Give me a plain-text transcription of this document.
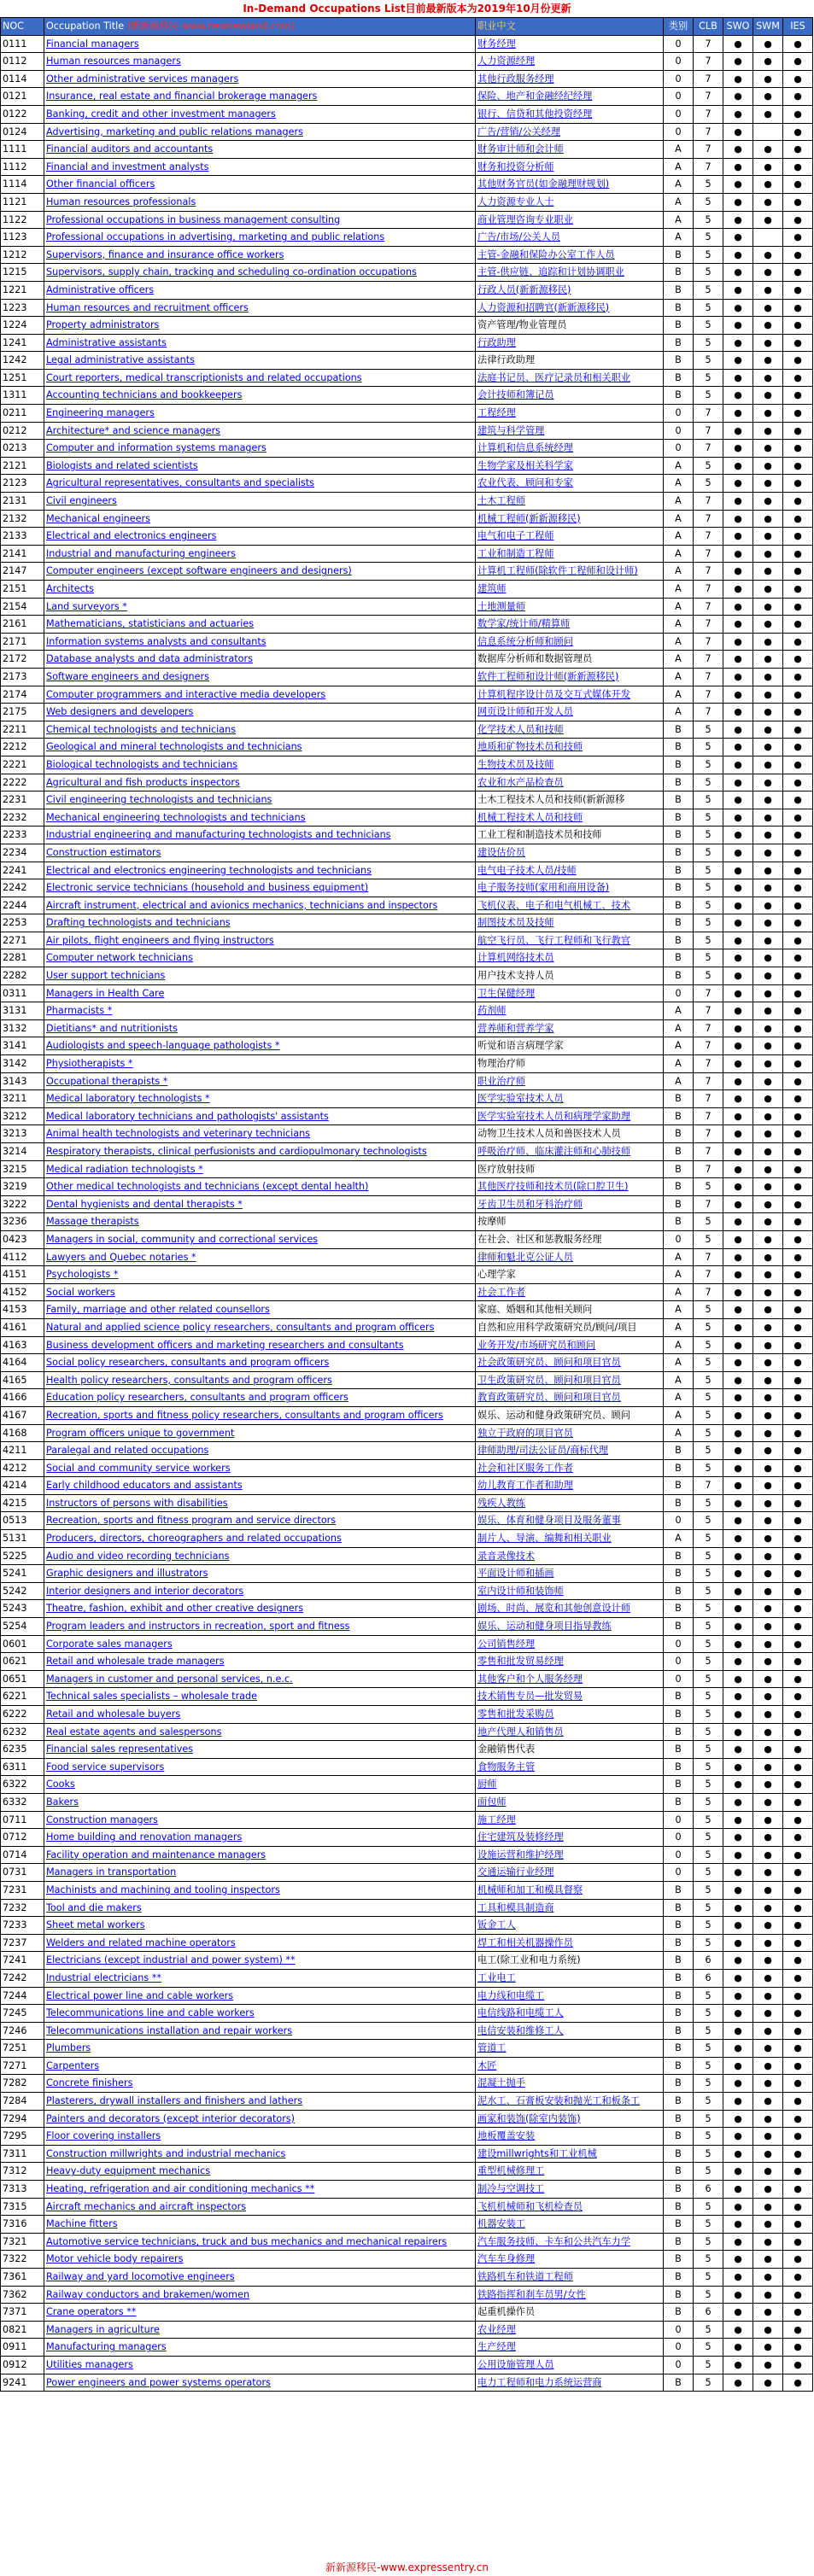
In-Demand Occupations List目前最新版本为2019年10月份更新
NOC	Occupation Title (新新源移民-www.newnewland.com)	职业中文	类别	CLB	SWO	SWM	IES
0111	Financial managers	财务经理	0	7	●	●	●
0112	Human resources managers	人力资源经理	0	7	●	●	●
0114	Other administrative services managers	其他行政服务经理	0	7	●	●	●
0121	Insurance, real estate and financial brokerage managers	保险、地产和金融经纪经理	0	7	●	●	●
0122	Banking, credit and other investment managers	银行、信贷和其他投资经理	0	7	●	●	●
0124	Advertising, marketing and public relations managers	广告/营销/公关经理	0	7	●		●
1111	Financial auditors and accountants	财务审计师和会计师	A	7	●	●	●
1112	Financial and investment analysts	财务和投资分析师	A	7	●	●	●
1114	Other financial officers	其他财务官员(如金融理财规划)	A	5	●	●	●
1121	Human resources professionals	人力资源专业人士	A	5	●	●	●
1122	Professional occupations in business management consulting	商业管理咨询专业职业	A	5	●	●	●
1123	Professional occupations in advertising, marketing and public relations	广告/市场/公关人员	A	5	●		●
1212	Supervisors, finance and insurance office workers	主管-金融和保险办公室工作人员	B	5	●	●	●
1215	Supervisors, supply chain, tracking and scheduling co-ordination occupations	主管-供应链、追踪和计划协调职业	B	5	●	●	●
1221	Administrative officers	行政人员(新新源移民)	B	5	●	●	●
1223	Human resources and recruitment officers	人力资源和招聘官(新新源移民)	B	5	●	●	●
1224	Property administrators	资产管理/物业管理员	B	5	●	●	●
1241	Administrative assistants	行政助理	B	5	●	●	●
1242	Legal administrative assistants	法律行政助理	B	5	●	●	●
1251	Court reporters, medical transcriptionists and related occupations	法庭书记员、医疗记录员和相关职业	B	5	●	●	●
1311	Accounting technicians and bookkeepers	会计技师和簿记员	B	5	●	●	●
0211	Engineering managers	工程经理	0	7	●	●	●
0212	Architecture* and science managers	建筑与科学管理	0	7	●	●	●
0213	Computer and information systems managers	计算机和信息系统经理	0	7	●	●	●
2121	Biologists and related scientists	生物学家及相关科学家	A	5	●	●	●
2123	Agricultural representatives, consultants and specialists	农业代表、顾问和专家	A	5	●	●	●
2131	Civil engineers	土木工程师	A	7	●	●	●
2132	Mechanical engineers	机械工程师(新新源移民)	A	7	●	●	●
2133	Electrical and electronics engineers	电气和电子工程师	A	7	●	●	●
2141	Industrial and manufacturing engineers	工业和制造工程师	A	7	●	●	●
2147	Computer engineers (except software engineers and designers)	计算机工程师(除软件工程师和设计师)	A	7	●	●	●
2151	Architects	建筑师	A	7	●	●	●
2154	Land surveyors *	土地测量师	A	7	●	●	●
2161	Mathematicians, statisticians and actuaries	数学家/统计师/精算师	A	7	●	●	●
2171	Information systems analysts and consultants	信息系统分析师和顾问	A	7	●	●	●
2172	Database analysts and data administrators	数据库分析师和数据管理员	A	7	●	●	●
2173	Software engineers and designers	软件工程师和设计师(新新源移民)	A	7	●	●	●
2174	Computer programmers and interactive media developers	计算机程序设计员及交互式媒体开发	A	7	●	●	●
2175	Web designers and developers	网页设计师和开发人员	A	7	●	●	●
2211	Chemical technologists and technicians	化学技术人员和技师	B	5	●	●	●
2212	Geological and mineral technologists and technicians	地质和矿物技术员和技师	B	5	●	●	●
2221	Biological technologists and technicians	生物技术员及技师	B	5	●	●	●
2222	Agricultural and fish products inspectors	农业和水产品检查员	B	5	●	●	●
2231	Civil engineering technologists and technicians	土木工程技术人员和技师(新新源移	B	5	●	●	●
2232	Mechanical engineering technologists and technicians	机械工程技术人员和技师	B	5	●	●	●
2233	Industrial engineering and manufacturing technologists and technicians	工业工程和制造技术员和技师	B	5	●	●	●
2234	Construction estimators	建设估价员	B	5	●	●	●
2241	Electrical and electronics engineering technologists and technicians	电气电子技术人员/技师	B	5	●	●	●
2242	Electronic service technicians (household and business equipment)	电子服务技师(家用和商用设备)	B	5	●	●	●
2244	Aircraft instrument, electrical and avionics mechanics, technicians and inspectors	飞机仪表、电子和电气机械工、技术	B	5	●	●	●
2253	Drafting technologists and technicians	制图技术员及技师	B	5	●	●	●
2271	Air pilots, flight engineers and flying instructors	航空飞行员、飞行工程师和飞行教官	B	5	●	●	●
2281	Computer network technicians	计算机网络技术员	B	5	●	●	●
2282	User support technicians	用户技术支持人员	B	5	●	●	●
0311	Managers in Health Care	卫生保健经理	0	7	●	●	●
3131	Pharmacists *	药剂师	A	7	●	●	●
3132	Dietitians* and nutritionists	营养师和营养学家	A	7	●	●	●
3141	Audiologists and speech-language pathologists *	听觉和语言病理学家	A	7	●	●	●
3142	Physiotherapists *	物理治疗师	A	7	●	●	●
3143	Occupational therapists *	职业治疗师	A	7	●	●	●
3211	Medical laboratory technologists *	医学实验室技术人员	B	7	●	●	●
3212	Medical laboratory technicians and pathologists' assistants	医学实验室技术人员和病理学家助理	B	7	●	●	●
3213	Animal health technologists and veterinary technicians	动物卫生技术人员和兽医技术人员	B	7	●	●	●
3214	Respiratory therapists, clinical perfusionists and cardiopulmonary technologists	呼吸治疗师、临床灌注师和心肺技师	B	7	●	●	●
3215	Medical radiation technologists *	医疗放射技师	B	7	●	●	●
3219	Other medical technologists and technicians (except dental health)	其他医疗技师和技术员(除口腔卫生)	B	5	●	●	●
3222	Dental hygienists and dental therapists *	牙齿卫生员和牙科治疗师	B	7	●	●	●
3236	Massage therapists	按摩师	B	5	●	●	●
0423	Managers in social, community and correctional services	在社会、社区和惩教服务经理	0	5	●	●	●
4112	Lawyers and Quebec notaries *	律师和魁北克公证人员	A	7	●	●	●
4151	Psychologists *	心理学家	A	7	●	●	●
4152	Social workers	社会工作者	A	7	●	●	●
4153	Family, marriage and other related counsellors	家庭、婚姻和其他相关顾问	A	5	●	●	●
4161	Natural and applied science policy researchers, consultants and program officers	自然和应用科学政策研究员/顾问/项目	A	5	●	●	●
4163	Business development officers and marketing researchers and consultants	业务开发/市场研究员和顾问	A	5	●	●	●
4164	Social policy researchers, consultants and program officers	社会政策研究员、顾问和项目官员	A	5	●	●	●
4165	Health policy researchers, consultants and program officers	卫生政策研究员、顾问和项目官员	A	5	●	●	●
4166	Education policy researchers, consultants and program officers	教育政策研究员、顾问和项目官员	A	5	●	●	●
4167	Recreation, sports and fitness policy researchers, consultants and program officers	娱乐、运动和健身政策研究员、顾问	A	5	●	●	●
4168	Program officers unique to government	独立于政府的项目官员	A	5	●	●	●
4211	Paralegal and related occupations	律师助理/司法公证员/商标代理	B	5	●	●	●
4212	Social and community service workers	社会和社区服务工作者	B	5	●	●	●
4214	Early childhood educators and assistants	幼儿教育工作者和助理	B	7	●	●	●
4215	Instructors of persons with disabilities	残疾人教练	B	5	●	●	●
0513	Recreation, sports and fitness program and service directors	娱乐、体育和健身项目及服务董事	0	5	●	●	●
5131	Producers, directors, choreographers and related occupations	制片人、导演、编舞和相关职业	A	5	●	●	●
5225	Audio and video recording technicians	录音录像技术	B	5	●	●	●
5241	Graphic designers and illustrators	平面设计师和插画	B	5	●	●	●
5242	Interior designers and interior decorators	室内设计师和装饰师	B	5	●	●	●
5243	Theatre, fashion, exhibit and other creative designers	剧场、时尚、展览和其他创意设计师	B	5	●	●	●
5254	Program leaders and instructors in recreation, sport and fitness	娱乐、运动和健身项目指导教练	B	5	●	●	●
0601	Corporate sales managers	公司销售经理	0	5	●	●	●
0621	Retail and wholesale trade managers	零售和批发贸易经理	0	5	●	●	●
0651	Managers in customer and personal services, n.e.c.	其他客户和个人服务经理	0	5	●	●	●
6221	Technical sales specialists – wholesale trade	技术销售专员—批发贸易	B	5	●	●	●
6222	Retail and wholesale buyers	零售和批发采购员	B	5	●	●	●
6232	Real estate agents and salespersons	地产代理人和销售员	B	5	●	●	●
6235	Financial sales representatives	金融销售代表	B	5	●	●	●
6311	Food service supervisors	食物服务主管	B	5	●	●	●
6322	Cooks	厨师	B	5	●	●	●
6332	Bakers	面包师	B	5	●	●	●
0711	Construction managers	施工经理	0	5	●	●	●
0712	Home building and renovation managers	住宅建筑及装修经理	0	5	●	●	●
0714	Facility operation and maintenance managers	设施运营和维护经理	0	5	●	●	●
0731	Managers in transportation	交通运输行业经理	0	5	●	●	●
7231	Machinists and machining and tooling inspectors	机械师和加工和模具督察	B	5	●	●	●
7232	Tool and die makers	工具和模具制造商	B	5	●	●	●
7233	Sheet metal workers	钣金工人	B	5	●	●	●
7237	Welders and related machine operators	焊工和相关机器操作员	B	5	●	●	●
7241	Electricians (except industrial and power system) **	电工(除工业和电力系统)	B	6	●	●	●
7242	Industrial electricians **	工业电工	B	6	●	●	●
7244	Electrical power line and cable workers	电力线和电缆工	B	5	●	●	●
7245	Telecommunications line and cable workers	电信线路和电缆工人	B	5	●	●	●
7246	Telecommunications installation and repair workers	电信安装和维修工人	B	5	●	●	●
7251	Plumbers	管道工	B	5	●	●	●
7271	Carpenters	木匠	B	5	●	●	●
7282	Concrete finishers	混凝土抛手	B	5	●	●	●
7284	Plasterers, drywall installers and finishers and lathers	泥水工、石膏板安装和抛光工和板条工	B	5	●	●	●
7294	Painters and decorators (except interior decorators)	画家和装饰(除室内装饰)	B	5	●	●	●
7295	Floor covering installers	地板覆盖安装	B	5	●	●	●
7311	Construction millwrights and industrial mechanics	建设millwrights和工业机械	B	5	●	●	●
7312	Heavy-duty equipment mechanics	重型机械修理工	B	5	●	●	●
7313	Heating, refrigeration and air conditioning mechanics **	制冷与空调技工	B	6	●	●	●
7315	Aircraft mechanics and aircraft inspectors	飞机机械师和飞机检查员	B	5	●	●	●
7316	Machine fitters	机器安装工	B	5	●	●	●
7321	Automotive service technicians, truck and bus mechanics and mechanical repairers	汽车服务技师、卡车和公共汽车力学	B	5	●	●	●
7322	Motor vehicle body repairers	汽车车身修理	B	5	●	●	●
7361	Railway and yard locomotive engineers	铁路机车和铁道工程师	B	5	●	●	●
7362	Railway conductors and brakemen/women	铁路指挥和刹车员男/女性	B	5	●	●	●
7371	Crane operators **	起重机操作员	B	6	●	●	●
0821	Managers in agriculture	农业经理	0	5	●	●	●
0911	Manufacturing managers	生产经理	0	5	●	●	●
0912	Utilities managers	公用设施管理人员	0	5	●	●	●
9241	Power engineers and power systems operators	电力工程师和电力系统运营商	B	5	●	●	●
新新源移民-www.expressentry.cn
